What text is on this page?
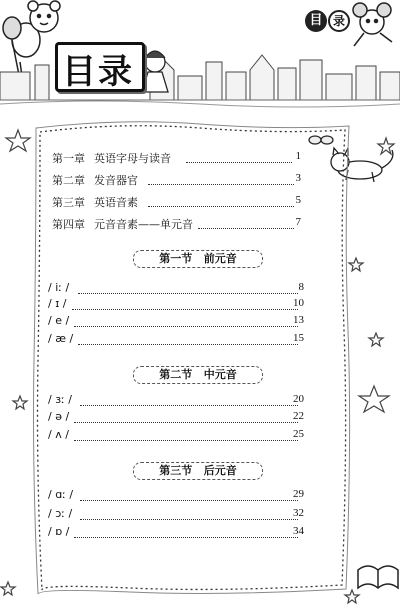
目 录
目录
第一章 英语字母与读音	1
第二章 发音器官	3
第三章 英语音素	5
第四章 元音音素——单元音	7
第一节 前元音
/ iː /	8
/ ɪ /	10
/ e /	13
/ æ /	15
第二节 中元音
/ ɜː /	20
/ ə /	22
/ ʌ /	25
第三节 后元音
/ ɑː /	29
/ ɔː /	32
/ ɒ /	34
